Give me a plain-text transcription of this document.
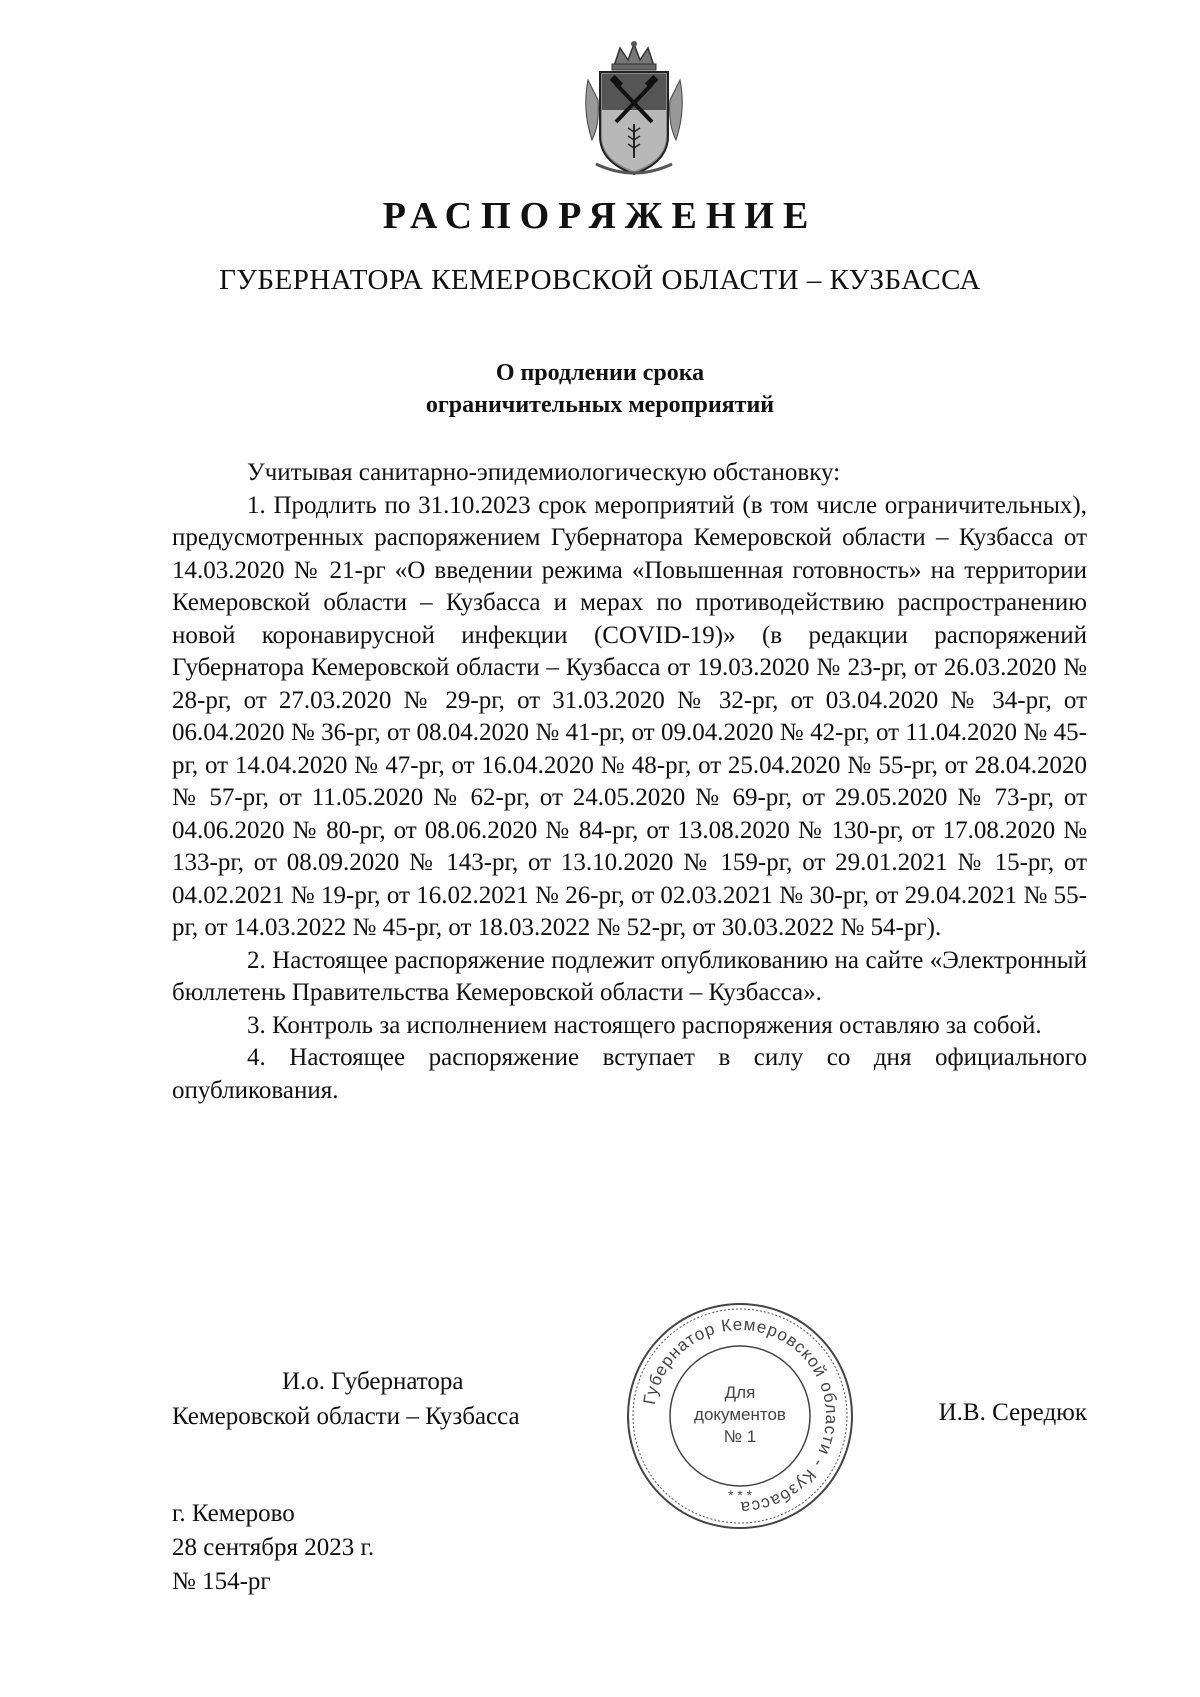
РАСПОРЯЖЕНИЕ
ГУБЕРНАТОРА КЕМЕРОВСКОЙ ОБЛАСТИ – КУЗБАССА
О продлении срока
ограничительных мероприятий

Учитывая санитарно-эпидемиологическую обстановку:

1. Продлить по 31.10.2023 срок мероприятий (в том числе ограничительных), предусмотренных распоряжением Губернатора Кемеровской области – Кузбасса от 14.03.2020 № 21-рг «О введении режима «Повышенная готовность» на территории Кемеровской области – Кузбасса и мерах по противодействию распространению новой коронавирусной инфекции (COVID-19)» (в редакции распоряжений Губернатора Кемеровской области – Кузбасса от 19.03.2020 № 23-рг, от 26.03.2020 № 28-рг, от 27.03.2020 № 29-рг, от 31.03.2020 № 32-рг, от 03.04.2020 № 34-рг, от 06.04.2020 № 36-рг, от 08.04.2020 № 41-рг, от 09.04.2020 № 42-рг, от 11.04.2020 № 45-рг, от 14.04.2020 № 47-рг, от 16.04.2020 № 48-рг, от 25.04.2020 № 55-рг, от 28.04.2020 № 57-рг, от 11.05.2020 № 62-рг, от 24.05.2020 № 69-рг, от 29.05.2020 № 73-рг, от 04.06.2020 № 80-рг, от 08.06.2020 № 84-рг, от 13.08.2020 № 130-рг, от 17.08.2020 № 133-рг, от 08.09.2020 № 143-рг, от 13.10.2020 № 159-рг, от 29.01.2021 № 15-рг, от 04.02.2021 № 19-рг, от 16.02.2021 № 26-рг, от 02.03.2021 № 30-рг, от 29.04.2021 № 55-рг, от 14.03.2022 № 45-рг, от 18.03.2022 № 52-рг, от 30.03.2022 № 54-рг).

2. Настоящее распоряжение подлежит опубликованию на сайте «Электронный бюллетень Правительства Кемеровской области – Кузбасса».

3. Контроль за исполнением настоящего распоряжения оставляю за собой.

4. Настоящее распоряжение вступает в силу со дня официального опубликования.

И.о. Губернатора
Кемеровской области – Кузбасса
Губернатор Кемеровской области - Кузбасса
Для
документов
№ 1
* * *
И.В. Середюк
г. Кемерово
28 сентября 2023 г.
№ 154-рг
